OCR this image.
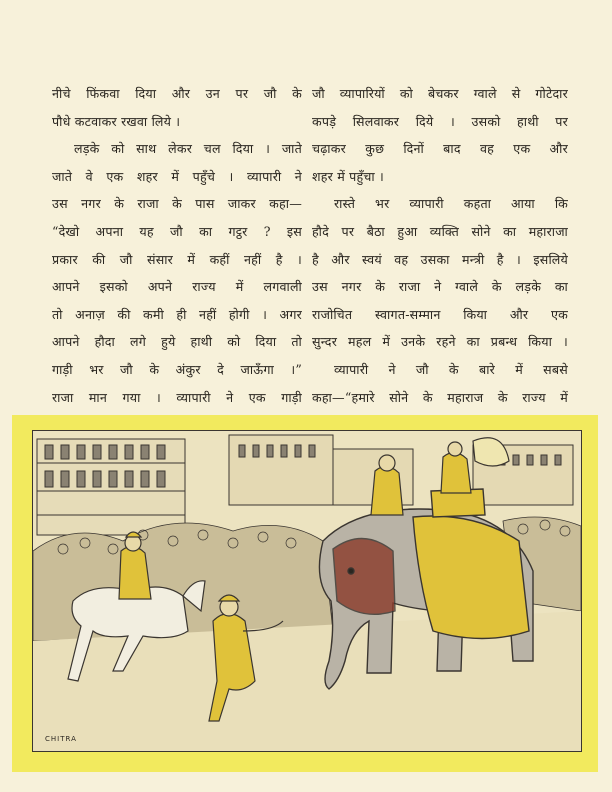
नीचे फिंकवा दिया और उन पर जौ के
पौधे कटवाकर रखवा लिये ।
लड़के को साथ लेकर चल दिया । जाते
जाते वे एक शहर में पहुँचे । व्यापारी ने
उस नगर के राजा के पास जाकर कहा—
“देखो अपना यह जौ का गट्ठर ? इस
प्रकार की जौ संसार में कहीं नहीं है ।
आपने इसको अपने राज्य में लगवाली
तो अनाज़ की कमी ही नहीं होगी । अगर
आपने हौदा लगे हुये हाथी को दिया तो
गाड़ी भर जौ के अंकुर दे जाऊँगा ।”
राजा मान गया । व्यापारी ने एक गाड़ी
जौ व्यापारियों को बेचकर ग्वाले से गोटेदार
कपड़े सिलवाकर दिये । उसको हाथी पर
चढ़ाकर कुछ दिनों बाद वह एक और
शहर में पहुँचा ।
रास्ते भर व्यापारी कहता आया कि
हौदे पर बैठा हुआ व्यक्ति सोने का महाराजा
है और स्वयं वह उसका मन्त्री है । इसलिये
उस नगर के राजा ने ग्वाले के लड़के का
राजोचित स्वागत-सम्मान किया और एक
सुन्दर महल में उनके रहने का प्रबन्ध किया ।
व्यापारी ने जौ के बारे में सबसे
कहा—“हमारे सोने के महाराज के राज्य में
CHITRA
